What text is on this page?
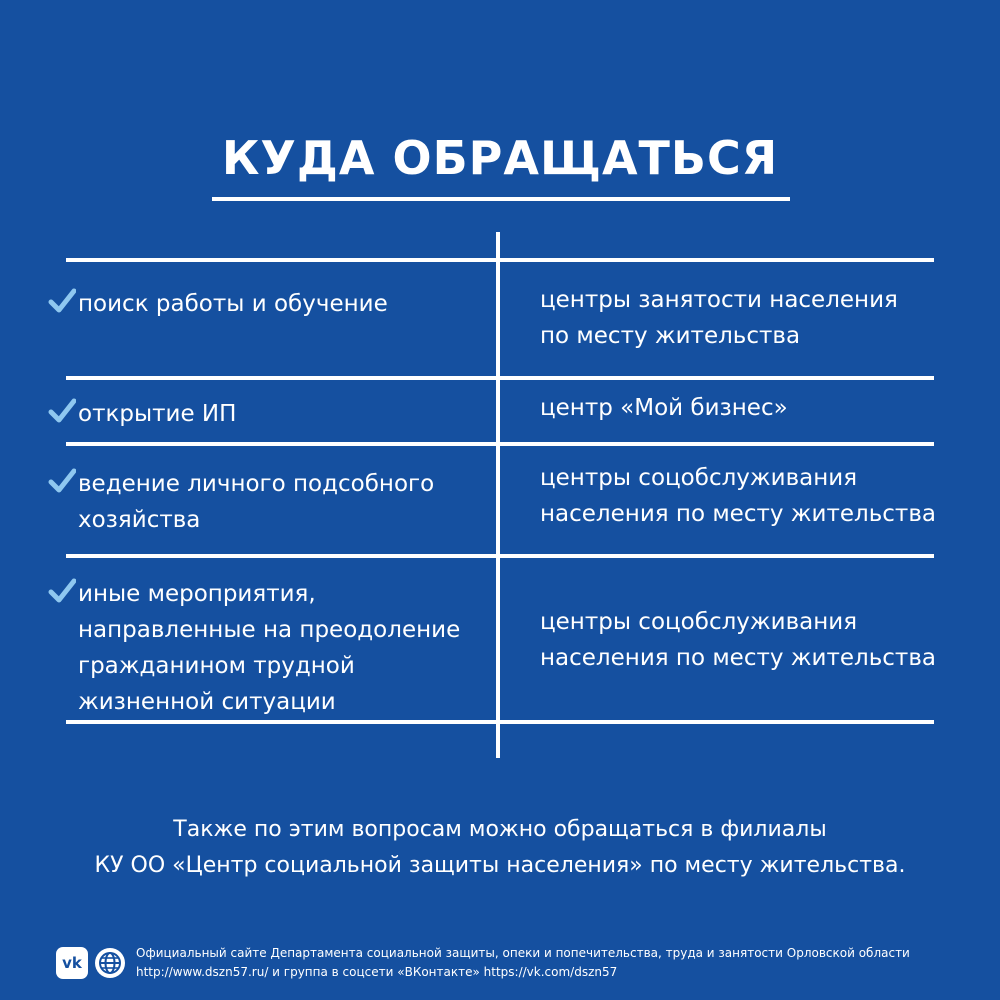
КУДА ОБРАЩАТЬСЯ
поиск работы и обучение	центры занятости населения
по месту жительства
открытие ИП	центр «Мой бизнес»
ведение личного подсобного
хозяйства
центры соцобслуживания
населения по месту жительства
иные мероприятия,
направленные на преодоление
гражданином трудной
жизненной ситуации
центры соцобслуживания
населения по месту жительства
Также по этим вопросам можно обращаться в филиалы
КУ ОО «Центр социальной защиты населения» по месту жительства.
vk
Официальный сайте Департамента социальной защиты, опеки и попечительства, труда и занятости Орловской области
http://www.dszn57.ru/ и группа в соцсети «ВКонтакте» https://vk.com/dszn57
